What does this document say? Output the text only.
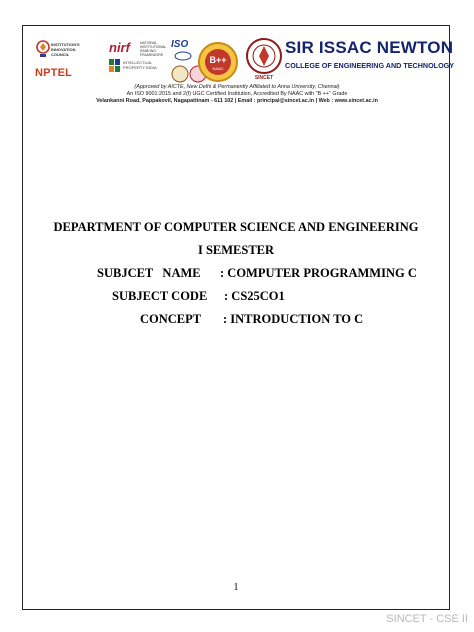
INSTITUTION'S INNOVATION COUNCIL
NPTEL
nirf	NATIONAL INSTITUTIONAL RANKING FRAMEWORK
INTELLECTUAL PROPERTY INDIA
ISO
B++
NAAC
SINCET
SIR ISSAC NEWTON
COLLEGE OF ENGINEERING AND TECHNOLOGY
(Approved by AICTE, New Delhi & Permanently Affiliated to Anna University, Chennai)
An ISO 9001:2015 and 2(f) UGC Certified Institution, Accredited By NAAC with "B ++" Grade
Velankanni Road, Pappakovil, Nagapattinam - 611 102 | Email : principal@sincet.ac.in | Web : www.sincet.ac.in
DEPARTMENT OF COMPUTER SCIENCE AND ENGINEERING
I SEMESTER
SUBJCET   NAME : COMPUTER PROGRAMMING C
SUBJECT CODE : CS25CO1
CONCEPT : INTRODUCTION TO C
1
SINCET - CSE II
